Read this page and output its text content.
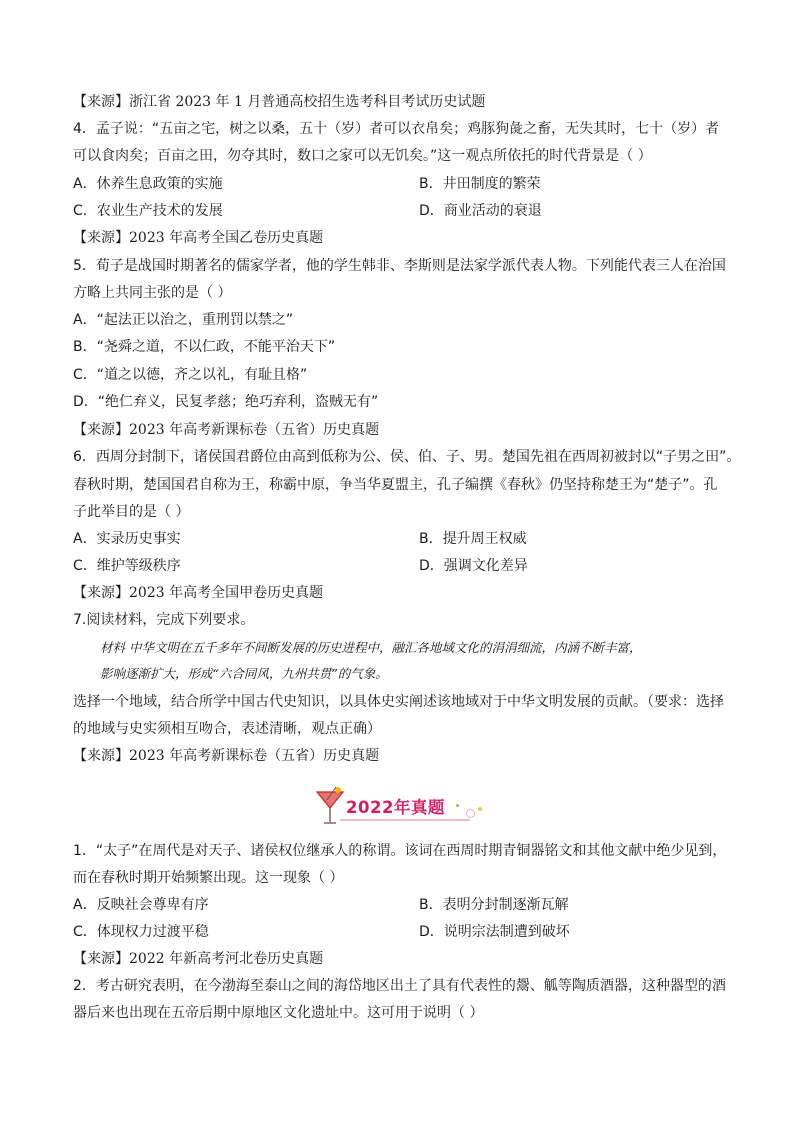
【来源】浙江省 2023 年 1 月普通高校招生选考科目考试历史试题
4．孟子说：“五亩之宅，树之以桑，五十（岁）者可以衣帛矣；鸡豚狗彘之畜，无失其时，七十（岁）者
可以食肉矣；百亩之田，勿夺其时，数口之家可以无饥矣。”这一观点所依托的时代背景是（ ）
A．休养生息政策的实施	B．井田制度的繁荣
C．农业生产技术的发展	D．商业活动的衰退
【来源】2023 年高考全国乙卷历史真题
5．荀子是战国时期著名的儒家学者，他的学生韩非、李斯则是法家学派代表人物。下列能代表三人在治国
方略上共同主张的是（ ）
A．“起法正以治之，重刑罚以禁之”
B．“尧舜之道，不以仁政，不能平治天下”
C．“道之以德，齐之以礼，有耻且格”
D．“绝仁弃义，民复孝慈；绝巧弃利，盗贼无有”
【来源】2023 年高考新课标卷（五省）历史真题
6．西周分封制下，诸侯国君爵位由高到低称为公、侯、伯、子、男。楚国先祖在西周初被封以“子男之田”。
春秋时期，楚国国君自称为王，称霸中原，争当华夏盟主，孔子编撰《春秋》仍坚持称楚王为“楚子”。孔
子此举目的是（ ）
A．实录历史事实	B．提升周王权威
C．维护等级秩序	D．强调文化差异
【来源】2023 年高考全国甲卷历史真题
7.阅读材料，完成下列要求。
材料 中华文明在五千多年不间断发展的历史进程中，融汇各地域文化的涓涓细流，内涵不断丰富，
影响逐渐扩大，形成“六合同风，九州共贯”的气象。
选择一个地域，结合所学中国古代史知识，以具体史实阐述该地域对于中华文明发展的贡献。（要求：选择
的地域与史实须相互吻合，表述清晰，观点正确）
【来源】2023 年高考新课标卷（五省）历史真题
2022年真题
1．“太子”在周代是对天子、诸侯权位继承人的称谓。该词在西周时期青铜器铭文和其他文献中绝少见到，
而在春秋时期开始频繁出现。这一现象（ ）
A．反映社会尊卑有序	B．表明分封制逐渐瓦解
C．体现权力过渡平稳	D．说明宗法制遭到破坏
【来源】2022 年新高考河北卷历史真题
2．考古研究表明，在今渤海至泰山之间的海岱地区出土了具有代表性的鬶、觚等陶质酒器，这种器型的酒
器后来也出现在五帝后期中原地区文化遗址中。这可用于说明（ ）
